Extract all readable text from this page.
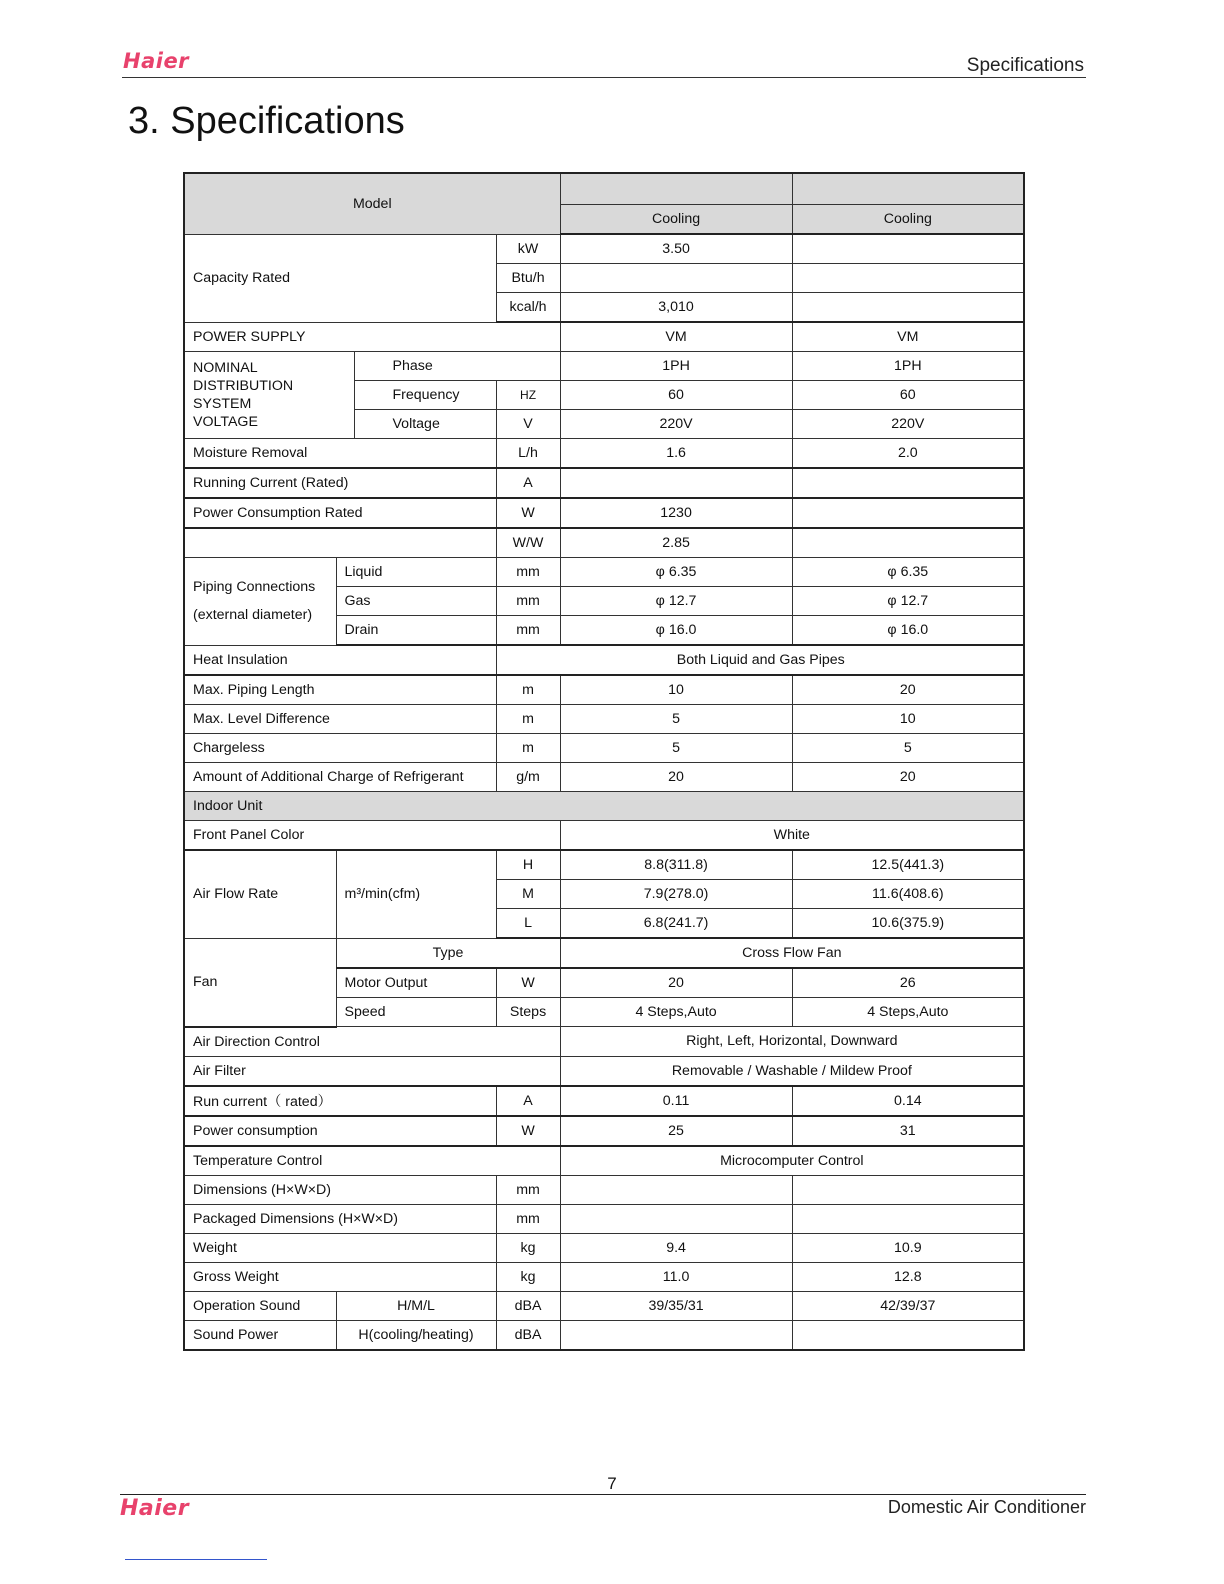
Haier	Specifications
3. Specifications
Model					
				Cooling	Cooling
Capacity Rated			kW	3.50	
			Btu/h		
			kcal/h	3,010	
POWER SUPPLY				VM	VM
NOMINAL
DISTRIBUTION
SYSTEM
VOLTAGE		Phase		1PH	1PH
		Frequency	HZ	60	60
		Voltage	V	220V	220V
Moisture Removal			L/h	1.6	2.0
Running Current (Rated)			A		
Power Consumption Rated			W	1230	
			W/W	2.85	
Piping Connections
(external diameter)	Liquid		mm	φ 6.35	φ 6.35
	Gas		mm	φ 12.7	φ 12.7
	Drain		mm	φ 16.0	φ 16.0
Heat Insulation			Both Liquid and Gas Pipes		
Max. Piping Length			m	10	20
Max. Level Difference			m	5	10
Chargeless			m	5	5
Amount of Additional Charge of Refrigerant			g/m	20	20
Indoor Unit					
Front Panel Color				White	
Air Flow Rate	m³/min(cfm)		H	8.8(311.8)	12.5(441.3)
			M	7.9(278.0)	11.6(408.6)
			L	6.8(241.7)	10.6(375.9)
Fan	Type			Cross Flow Fan	
	Motor Output		W	20	26
	Speed		Steps	4 Steps,Auto	4 Steps,Auto
Air Direction Control				Right, Left, Horizontal, Downward	
Air Filter				Removable / Washable / Mildew Proof	
Run current（ rated）			A	0.11	0.14
Power consumption			W	25	31
Temperature Control				Microcomputer Control	
Dimensions (H×W×D)			mm		
Packaged Dimensions (H×W×D)			mm		
Weight			kg	9.4	10.9
Gross Weight			kg	11.0	12.8
Operation Sound	H/M/L		dBA	39/35/31	42/39/37
Sound Power	H(cooling/heating)		dBA		
7
Haier	Domestic Air Conditioner
